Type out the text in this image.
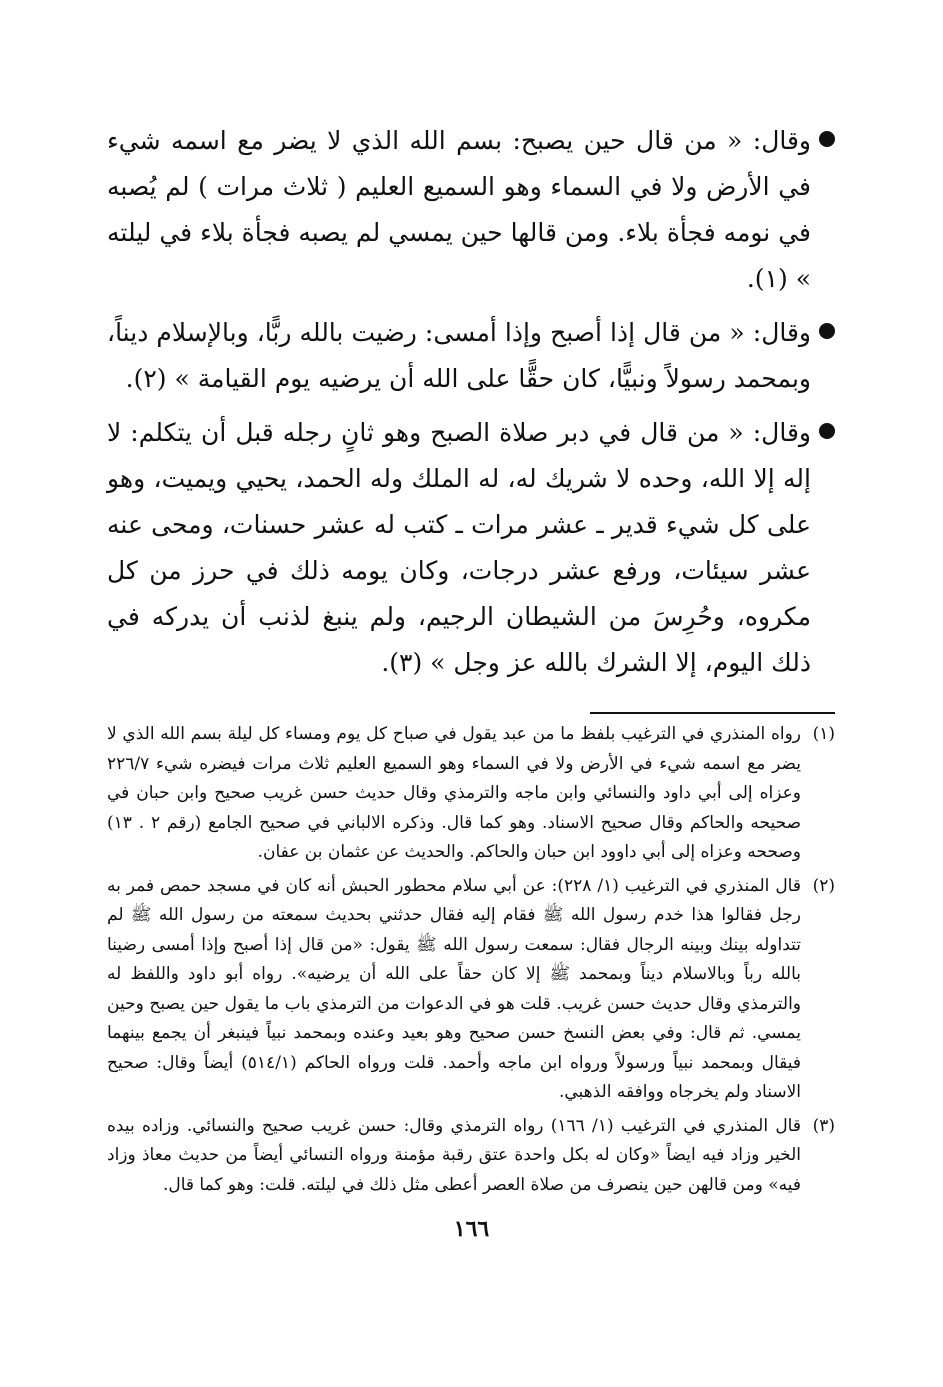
وقال: « من قال حين يصبح: بسم الله الذي لا يضر مع اسمه شيء في الأرض ولا في السماء وهو السميع العليم ( ثلاث مرات ) لم يُصبه في نومه فجأة بلاء. ومن قالها حين يمسي لم يصبه فجأة بلاء في ليلته » (١).
وقال: « من قال إذا أصبح وإذا أمسى: رضيت بالله ربًّا، وبالإسلام ديناً، وبمحمد رسولاً ونبيًّا، كان حقًّا على الله أن يرضيه يوم القيامة » (٢).
وقال: « من قال في دبر صلاة الصبح وهو ثانٍ رجله قبل أن يتكلم: لا إله إلا الله، وحده لا شريك له، له الملك وله الحمد، يحيي ويميت، وهو على كل شيء قدير ـ عشر مرات ـ كتب له عشر حسنات، ومحى عنه عشر سيئات، ورفع عشر درجات، وكان يومه ذلك في حرز من كل مكروه، وحُرِسَ من الشيطان الرجيم، ولم ينبغ لذنب أن يدركه في ذلك اليوم، إلا الشرك بالله عز وجل » (٣).
(١)
رواه المنذري في الترغيب بلفظ ما من عبد يقول في صباح كل يوم ومساء كل ليلة بسم الله الذي لا يضر مع اسمه شيء في الأرض ولا في السماء وهو السميع العليم ثلاث مرات فيضره شيء ٢٢٦/٧ وعزاه إلى أبي داود والنسائي وابن ماجه والترمذي وقال حديث حسن غريب صحيح وابن حبان في صحيحه والحاكم وقال صحيح الاسناد. وهو كما قال. وذكره الالباني في صحيح الجامع (رقم ٢ . ١٣) وصححه وعزاه إلى أبي داوود ابن حبان والحاكم. والحديث عن عثمان بن عفان.
(٢)
قال المنذري في الترغيب (١/ ٢٢٨): عن أبي سلام محطور الحبش أنه كان في مسجد حمص فمر به رجل فقالوا هذا خدم رسول الله ﷺ فقام إليه فقال حدثني بحديث سمعته من رسول الله ﷺ لم تتداوله بينك وبينه الرجال فقال: سمعت رسول الله ﷺ يقول: «من قال إذا أصبح وإذا أمسى رضينا بالله رباً وبالاسلام ديناً وبمحمد ﷺ إلا كان حقاً على الله أن يرضيه». رواه أبو داود واللفظ له والترمذي وقال حديث حسن غريب. قلت هو في الدعوات من الترمذي باب ما يقول حين يصبح وحين يمسي. ثم قال: وفي بعض النسخ حسن صحيح وهو بعيد وعنده وبمحمد نبياً فينبغر أن يجمع بينهما فيقال وبمحمد نبياً ورسولاً ورواه ابن ماجه وأحمد. قلت ورواه الحاكم (٥١٤/١) أيضاً وقال: صحيح الاسناد ولم يخرجاه ووافقه الذهبي.
(٣)
قال المنذري في الترغيب (١/ ١٦٦) رواه الترمذي وقال: حسن غريب صحيح والنسائي. وزاده بيده الخير وزاد فيه ايضاً «وكان له بكل واحدة عتق رقبة مؤمنة ورواه النسائي أيضاً من حديث معاذ وزاد فيه» ومن قالهن حين ينصرف من صلاة العصر أعطى مثل ذلك في ليلته. قلت: وهو كما قال.
١٦٦
